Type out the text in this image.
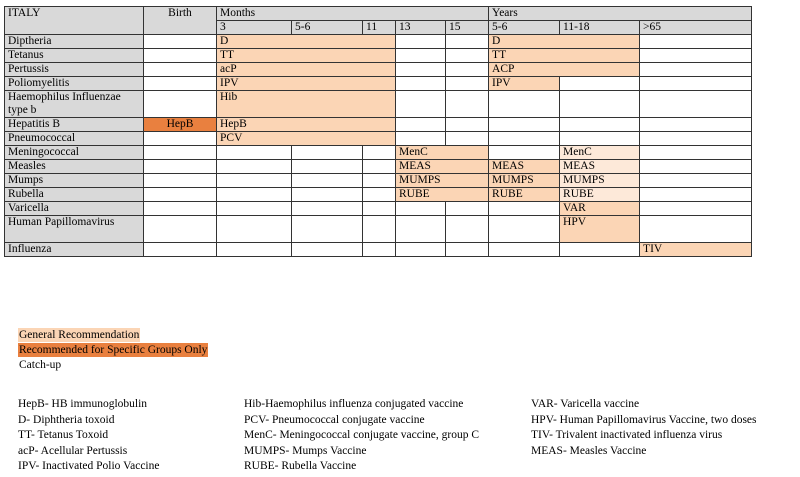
ITALY	Birth	Months					Years		
		3	5-6	11	13	15	5-6	11-18	>65
Diptheria		D					D		
Tetanus		TT					TT		
Pertussis		acP					ACP		
Poliomyelitis		IPV					IPV		
Haemophilus Influenzae type b		Hib							
Hepatitis B	HepB	HepB							
Pneumococcal		PCV							
Meningococcal					MenC			MenC	
Measles					MEAS		MEAS	MEAS	
Mumps					MUMPS		MUMPS	MUMPS	
Rubella					RUBE		RUBE	RUBE	
Varicella								VAR	
Human Papillomavirus								HPV	
Influenza									TIV
General Recommendation
Recommended for Specific Groups Only
Catch-up
HepB- HB immunoglobulin
D- Diphtheria toxoid
TT- Tetanus Toxoid
acP- Acellular Pertussis
IPV- Inactivated Polio Vaccine
Hib-Haemophilus influenza conjugated vaccine
PCV- Pneumococcal conjugate vaccine
MenC- Meningococcal conjugate vaccine, group C
MUMPS- Mumps Vaccine
RUBE- Rubella Vaccine
VAR- Varicella vaccine
HPV- Human Papillomavirus Vaccine, two doses
TIV- Trivalent inactivated influenza virus
MEAS- Measles Vaccine
